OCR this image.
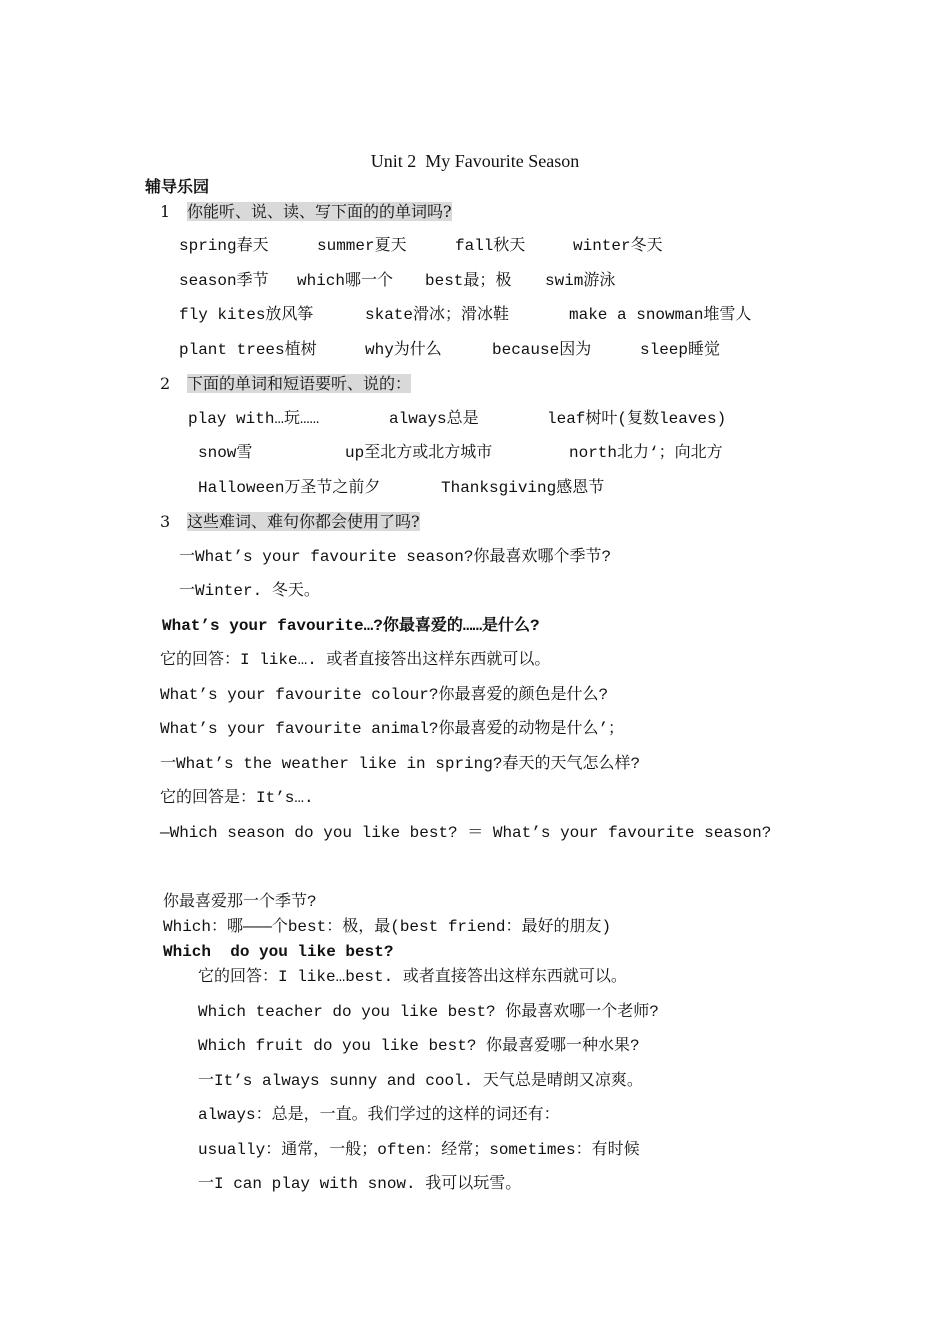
Unit 2  My Favourite Season
辅导乐园
1 你能听、说、读、写下面的的单词吗?
spring春天	summer夏天	fall秋天	winter冬天
season季节 which哪一个 best最；极 swim游泳
fly kites放风筝	skate滑冰；滑冰鞋	make a snowman堆雪人
plant trees植树	why为什么	because因为	sleep睡觉
2 下面的单词和短语要听、说的：
play with…玩……	always总是	leaf树叶(复数leaves)
snow雪	up至北方或北方城市	north北力‘；向北方
Halloween万圣节之前夕	Thanksgiving感恩节
3 这些难词、难句你都会使用了吗?
一What’s your favourite season?你最喜欢哪个季节?
一Winter. 冬天。
What’s your favourite…?你最喜爱的……是什么?
它的回答：I like…. 或者直接答出这样东西就可以。
What’s your favourite colour?你最喜爱的颜色是什么?
What’s your favourite animal?你最喜爱的动物是什么’；
一What’s the weather like in spring?春天的天气怎么样?
它的回答是：It’s….
—Which season do you like best? ＝ What’s your favourite season?
你最喜爱那一个季节?
Which：哪———个best：极，最(best friend：最好的朋友)
Which  do you like best?
它的回答：I like…best. 或者直接答出这样东西就可以。
Which teacher do you like best? 你最喜欢哪一个老师?
Which fruit do you like best? 你最喜爱哪一种水果?
一It’s always sunny and cool. 天气总是晴朗又凉爽。
always：总是，一直。我们学过的这样的词还有：
usually：通常，一般；often：经常；sometimes：有时候
一I can play with snow. 我可以玩雪。
